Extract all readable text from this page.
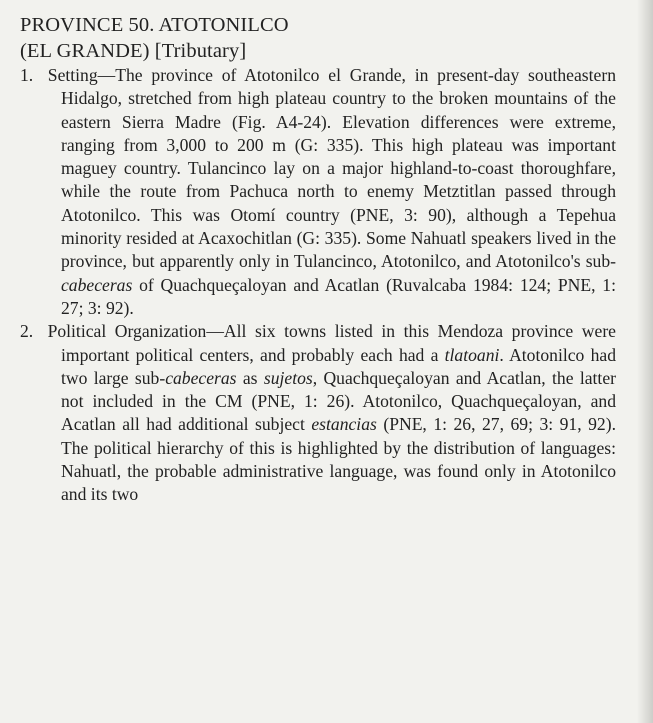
PROVINCE 50. ATOTONILCO
(EL GRANDE) [Tributary]

1. Setting—The province of Atotonilco el Grande, in present-day southeastern Hidalgo, stretched from high plateau country to the broken mountains of the eastern Sierra Madre (Fig. A4-24). Elevation differences were extreme, ranging from 3,000 to 200 m (G: 335). This high plateau was important maguey country. Tulancinco lay on a major highland-to-coast thoroughfare, while the route from Pachuca north to enemy Metztitlan passed through Atotonilco. This was Otomí country (PNE, 3: 90), although a Tepehua minority resided at Acaxochitlan (G: 335). Some Nahuatl speakers lived in the province, but apparently only in Tulancinco, Atotonilco, and Atotonilco's sub-cabeceras of Quachqueçaloyan and Acatlan (Ruvalcaba 1984: 124; PNE, 1: 27; 3: 92).

2. Political Organization—All six towns listed in this Mendoza province were important political centers, and probably each had a tlatoani. Atotonilco had two large sub-cabeceras as sujetos, Quachqueçaloyan and Acatlan, the latter not included in the CM (PNE, 1: 26). Atotonilco, Quachqueçaloyan, and Acatlan all had additional subject estancias (PNE, 1: 26, 27, 69; 3: 91, 92). The political hierarchy of this is highlighted by the distribution of languages: Nahuatl, the probable administrative language, was found only in Atotonilco and its two
